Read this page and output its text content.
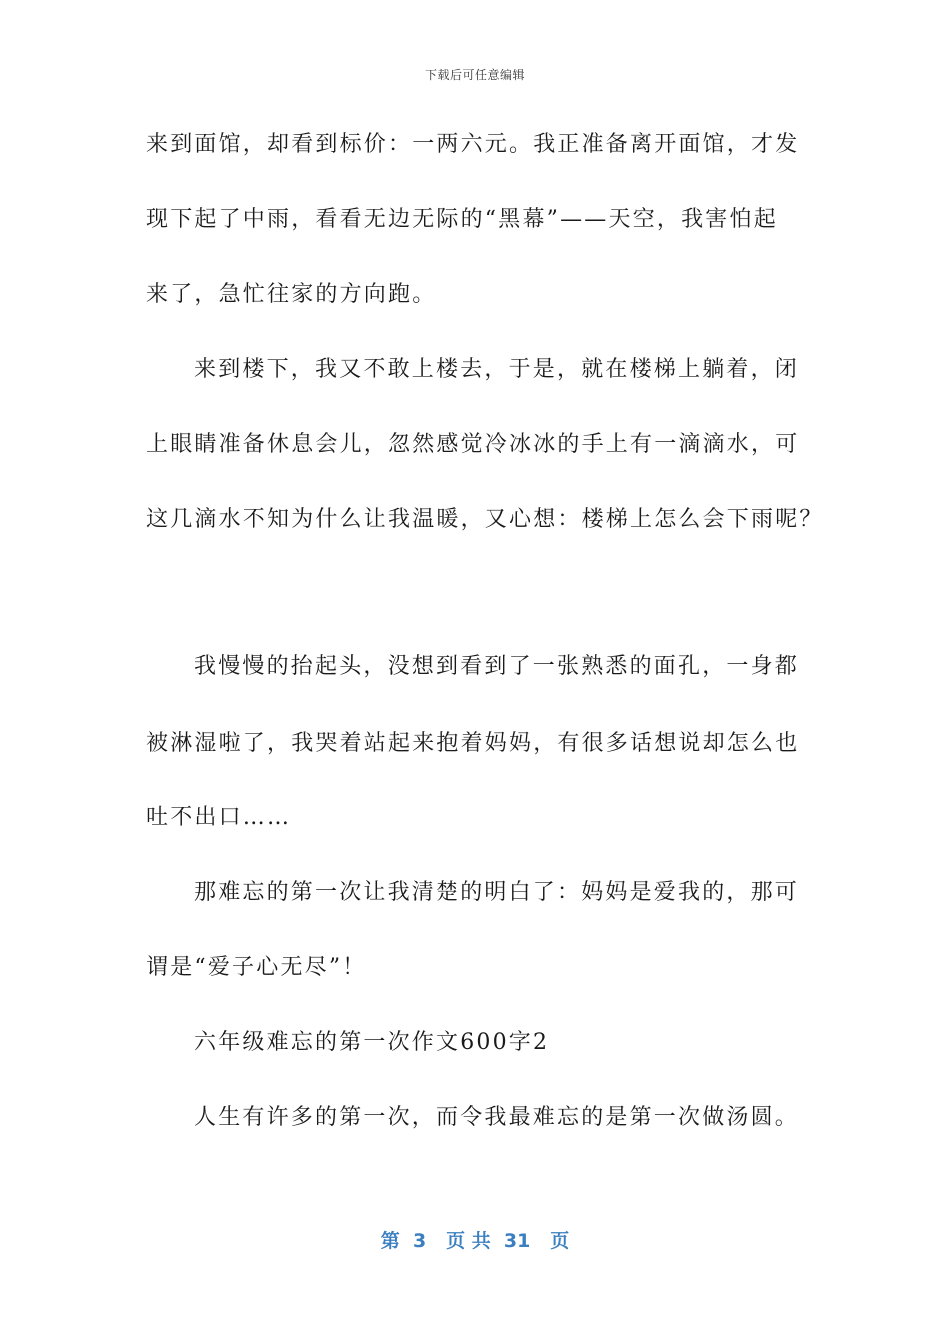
下载后可任意编辑
来到面馆，却看到标价：一两六元。我正准备离开面馆，才发
现下起了中雨，看看无边无际的“黑幕”——天空，我害怕起
来了，急忙往家的方向跑。
来到楼下，我又不敢上楼去，于是，就在楼梯上躺着，闭
上眼睛准备休息会儿，忽然感觉冷冰冰的手上有一滴滴水，可
这几滴水不知为什么让我温暖，又心想：楼梯上怎么会下雨呢？
我慢慢的抬起头，没想到看到了一张熟悉的面孔，一身都
被淋湿啦了，我哭着站起来抱着妈妈，有很多话想说却怎么也
吐不出口……
那难忘的第一次让我清楚的明白了：妈妈是爱我的，那可
谓是“爱子心无尽”！
六年级难忘的第一次作文600字2
人生有许多的第一次，而令我最难忘的是第一次做汤圆。
第  3   页 共  31   页
